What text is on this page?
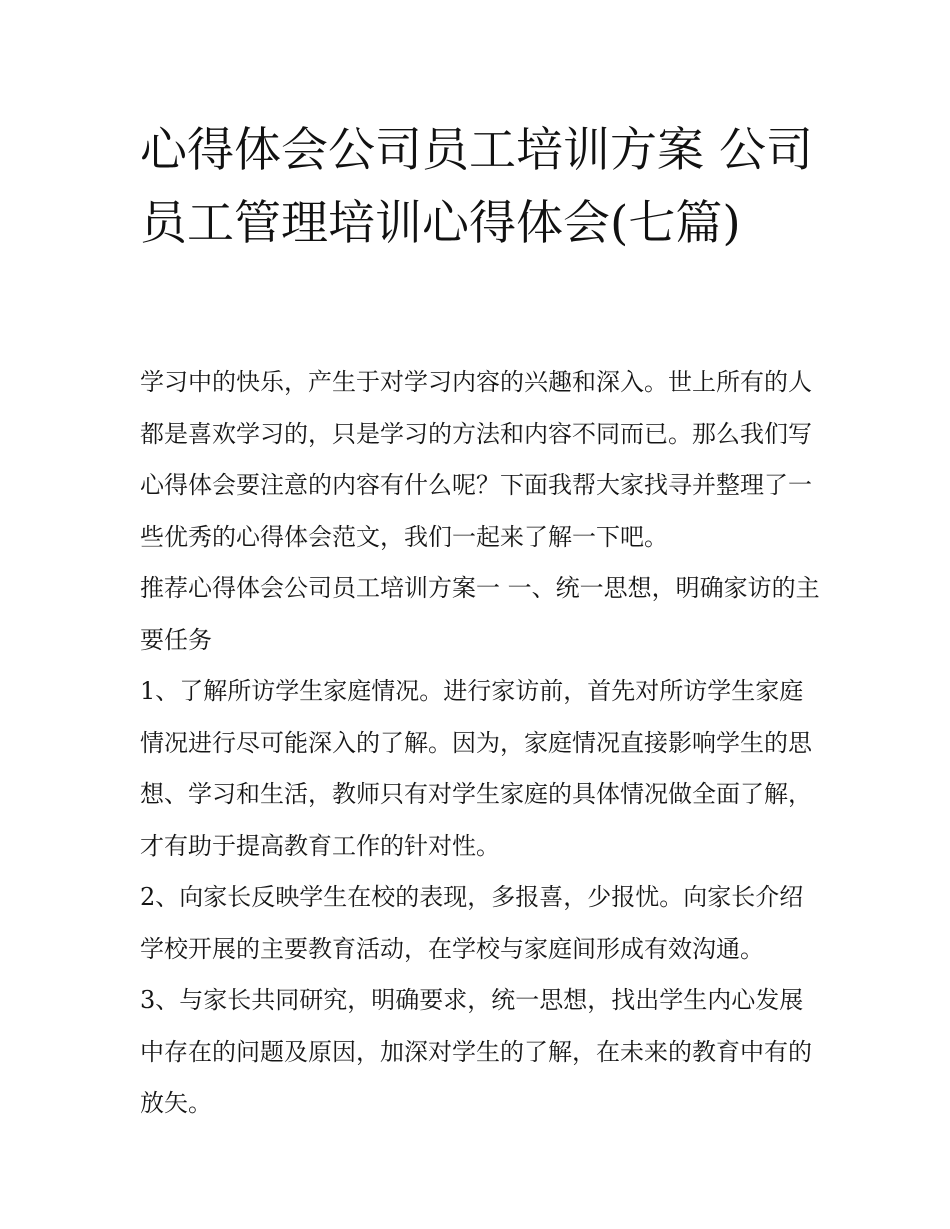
心得体会公司员工培训方案 公司员工管理培训心得体会(七篇)

学习中的快乐，产生于对学习内容的兴趣和深入。世上所有的人都是喜欢学习的，只是学习的方法和内容不同而已。那么我们写心得体会要注意的内容有什么呢？下面我帮大家找寻并整理了一些优秀的心得体会范文，我们一起来了解一下吧。

推荐心得体会公司员工培训方案一 一、统一思想，明确家访的主要任务

1、了解所访学生家庭情况。进行家访前，首先对所访学生家庭情况进行尽可能深入的了解。因为，家庭情况直接影响学生的思想、学习和生活，教师只有对学生家庭的具体情况做全面了解，才有助于提高教育工作的针对性。

2、向家长反映学生在校的表现，多报喜，少报忧。向家长介绍学校开展的主要教育活动，在学校与家庭间形成有效沟通。

3、与家长共同研究，明确要求，统一思想，找出学生内心发展中存在的问题及原因，加深对学生的了解，在未来的教育中有的放矢。
